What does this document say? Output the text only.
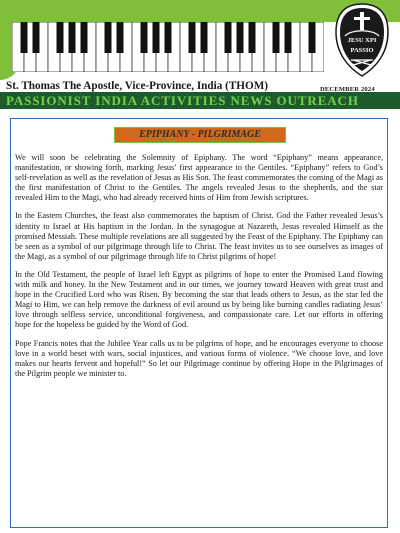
JESU XPI
PASSIO
St. Thomas The Apostle, Vice-Province, India (THOM)
PASSIONIST INDIA ACTIVITIES NEWS OUTREACH
DECEMBER 2024
EPIPHANY - PILGRIMAGE

We will soon be celebrating the Solemnity of Epiphany. The word “Epiphany” means appearance, manifestation, or showing forth, marking Jesus’ first appearance to the Gentiles. “Epiphany” refers to God’s self-revelation as well as the revelation of Jesus as His Son. The feast commemorates the coming of the Magi as the first manifestation of Christ to the Gentiles. The angels revealed Jesus to the shepherds, and the star revealed Him to the Magi, who had already received hints of Him from Jewish scriptures.

In the Eastern Churches, the feast also commemorates the baptism of Christ. God the Father revealed Jesus’s identity to Israel at His baptism in the Jordan. In the synagogue at Nazareth, Jesus revealed Himself as the promised Messiah. These multiple revelations are all suggested by the Feast of the Epiphany. The Epiphany can be seen as a symbol of our pilgrimage through life to Christ. The feast invites us to see ourselves as images of the Magi, as a symbol of our pilgrimage through life to Christ pilgrims of hope!

In the Old Testament, the people of Israel left Egypt as pilgrims of hope to enter the Promised Land flowing with milk and honey. In the New Testament and in our times, we journey toward Heaven with great trust and hope in the Crucified Lord who was Risen. By becoming the star that leads others to Jesus, as the star led the Magi to Him, we can help remove the darkness of evil around us by being like burning candles radiating Jesus’ love through selfless service, unconditional forgiveness, and compassionate care. Let our efforts in offering hope for the hopeless be guided by the Word of God.

Pope Francis notes that the Jubilee Year calls us to be pilgrims of hope, and he encourages everyone to choose love in a world beset with wars, social injustices, and various forms of violence. “We choose love, and love makes our hearts fervent and hopeful!” So let our Pilgrimage continue by offering Hope in the Pilgrimages of the Pilgrim people we minister to.
